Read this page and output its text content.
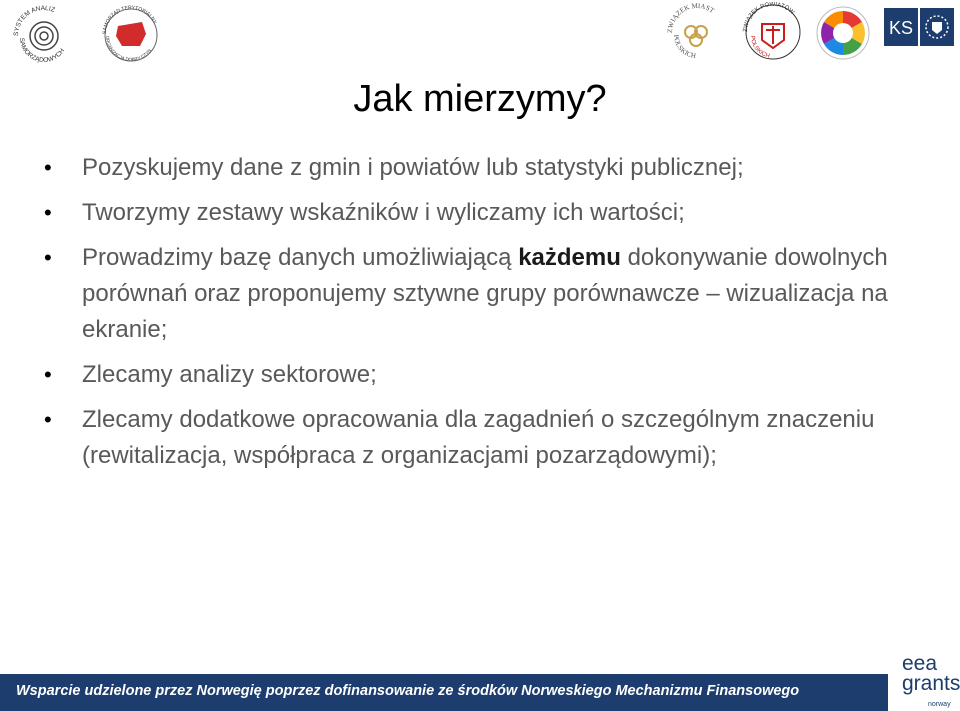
SYSTEM ANALIZ
SAMORZĄDOWYCH
SAMORZĄD TERYTORIALNY
ORGANIZACJA DOBRY CZYN
ZWIĄZEK MIAST
POLSKICH
ZWIĄZEK POWIATÓW
POLSKICH
KS
Jak mierzymy?
• Pozyskujemy dane z gmin i powiatów lub statystyki publicznej;
• Tworzymy zestawy wskaźników i wyliczamy ich wartości;
• Prowadzimy bazę danych umożliwiającą każdemu dokonywanie dowolnych porównań oraz proponujemy sztywne grupy porównawcze – wizualizacja na ekranie;
• Zlecamy analizy sektorowe;
• Zlecamy dodatkowe opracowania dla zagadnień o szczególnym znaczeniu (rewitalizacja, współpraca z organizacjami pozarządowymi);
Wsparcie udzielone przez Norwegię poprzez dofinansowanie ze środków Norweskiego Mechanizmu Finansowego
eea
grants
norway
